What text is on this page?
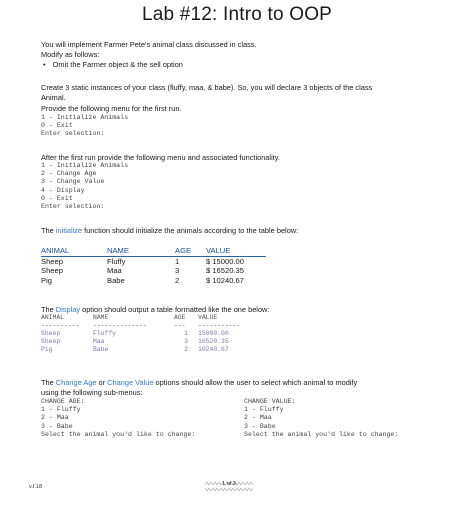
Lab #12: Intro to OOP
You will implement Farmer Pete's animal class discussed in class.
Modify as follows:
• Omit the Farmer object & the sell option
Create 3 static instances of your class (fluffy, maa, & babe). So, you will declare 3 objects of the class
Animal.
Provide the following menu for the first run.
1 - Initialize Animals
0 - Exit
Enter selection:
After the first run provide the following menu and associated functionality.
1 - Initialize Animals
2 - Change Age
3 - Change Value
4 - Display
0 - Exit
Enter selection:
The initialize function should initialize the animals according to the table below:
ANIMAL	NAME	AGE	VALUE
Sheep	Fluffy	1	$ 15000.00
Sheep	Maa	3	$ 16520.35
Pig	Babe	2	$ 10240.67
The Display option should output a table formatted like the one below:
ANIMAL	NAME	AGE VALUE
---------- --------------	--- -----------
Sheep	Fluffy	1 15000.00
Sheep	Maa	3 16520.35
Pig	Babe	2 10240.67
The Change Age or Change Value options should allow the user to select which animal to modify
using the following sub-menus:
CHANGE AGE:
1 - Fluffy
2 - Maa
3 - Babe
Select the animal you'd like to change:
CHANGE VALUE:
1 - Fluffy
2 - Maa
3 - Babe
Select the animal you'd like to change:
v.f.18	1 of 3
